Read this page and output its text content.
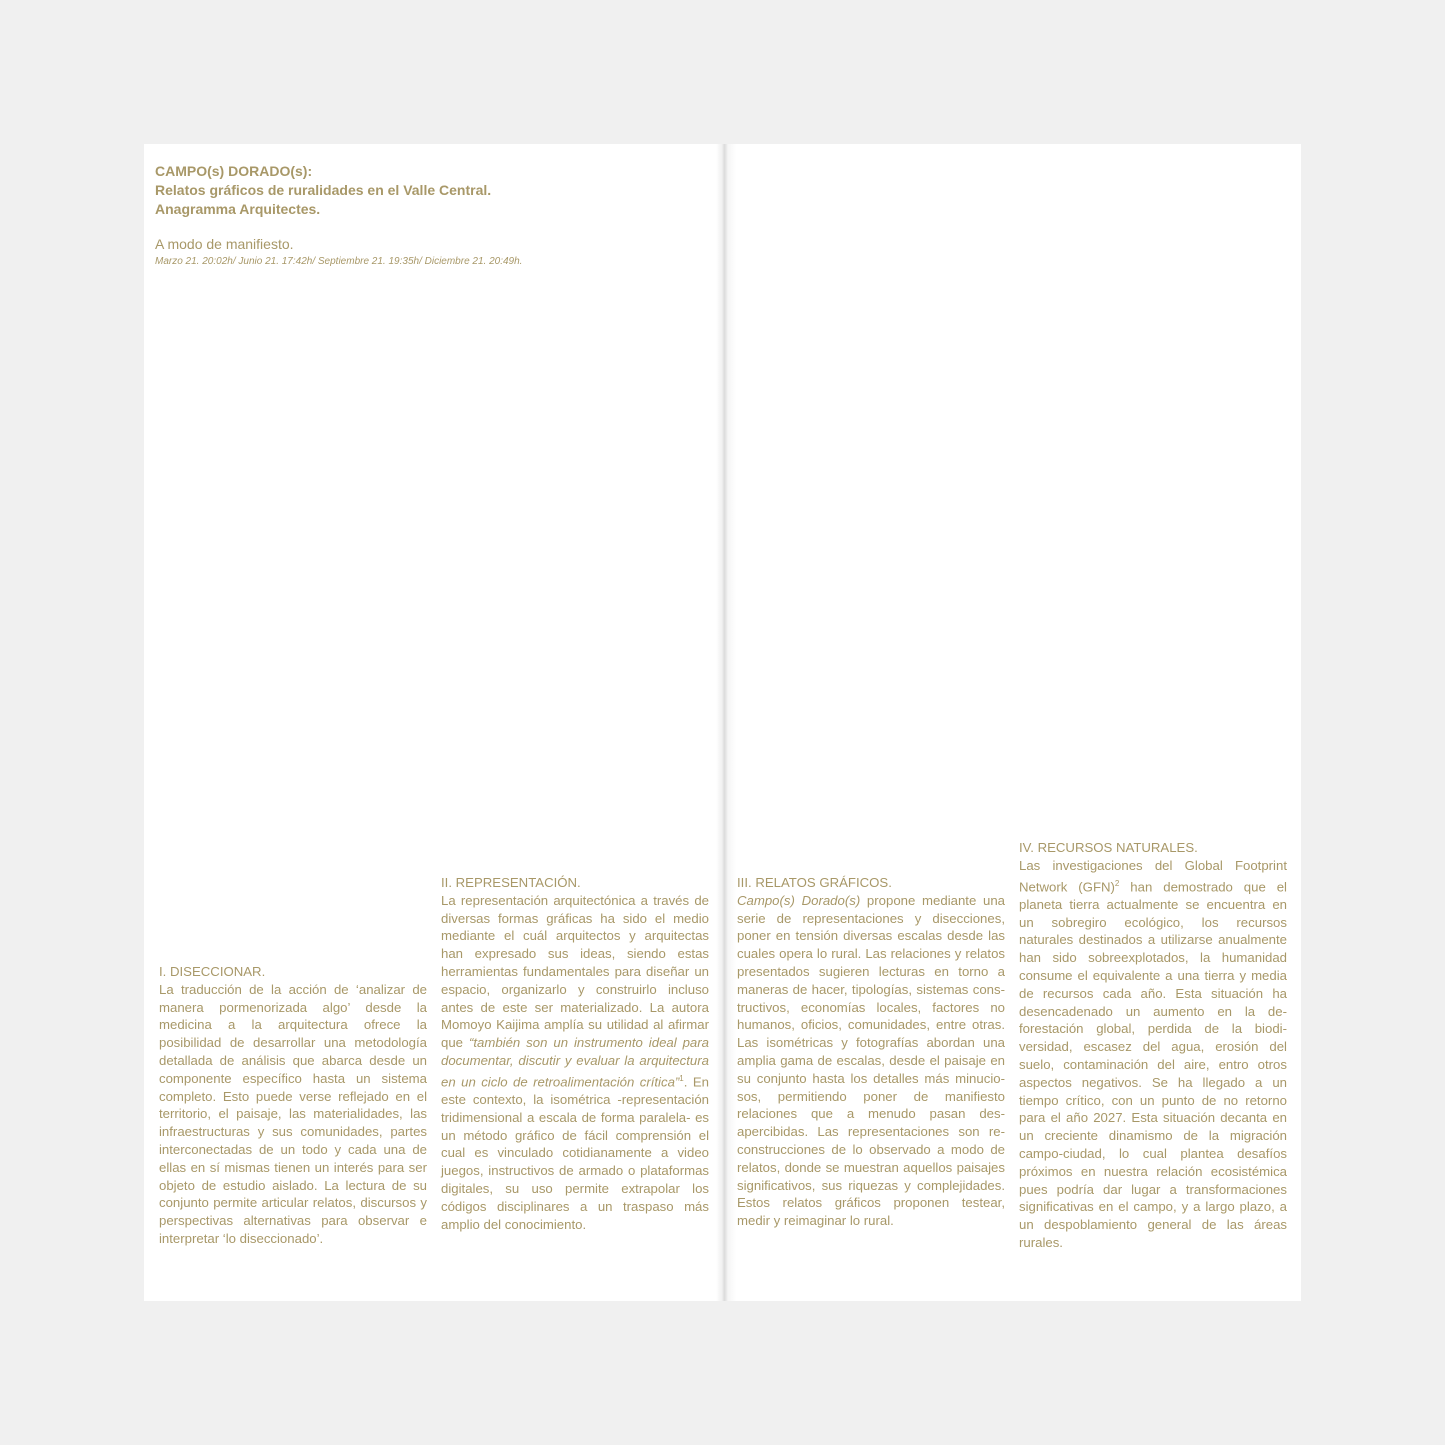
CAMPO(s) DORADO(s):
Relatos gráficos de ruralidades en el Valle Central.
Anagramma Arquitectes.
A modo de manifiesto.
Marzo 21. 20:02h/ Junio 21. 17:42h/ Septiembre 21. 19:35h/ Diciembre 21. 20:49h.
I. DISECCIONAR.

La traducción de la acción de ‘analizar de manera pormenorizada algo’ desde la medicina a la arquitectura ofrece la posibilidad de desarrollar una metodología detallada de análisis que abarca desde un componente específico hasta un sistema completo. Esto puede verse reflejado en el territorio, el paisaje, las materialidades, las infraestructuras y sus comunidades, partes interconectadas de un todo y cada una de ellas en sí mismas tienen un interés para ser objeto de estudio aislado. La lectura de su conjunto permite articular relatos, discursos y perspectivas alternativas para observar e interpretar ‘lo diseccionado’.

II. REPRESENTACIÓN.

La representación arquitectónica a través de diversas formas gráficas ha sido el medio mediante el cuál arquitectos y arquitectas han expresado sus ideas, siendo estas herramientas fundamentales para diseñar un espacio, organizarlo y construirlo incluso antes de este ser materializado. La autora Momoyo Kaijima amplía su utilidad al afirmar que “también son un instrumento ideal para documentar, discutir y evaluar la arquitectura en un ciclo de retroalimentación crítica”$^1$. En este contexto, la isométrica -representación tridimensional a escala de forma paralela- es un método gráfico de fácil comprensión el cual es vinculado cotidianamente a video juegos, instructivos de armado o plataformas digitales, su uso permite extrapolar los códigos disciplinares a un traspaso más amplio del conocimiento.

III. RELATOS GRÁFICOS.

Campo(s) Dorado(s) propone mediante una serie de representaciones y disecciones, poner en tensión diversas escalas desde las cuales opera lo rural. Las relaciones y relatos presentados sugieren lecturas en torno a maneras de hacer, tipologías, sistemas constructivos, economías locales, factores no humanos, oficios, comunidades, entre otras. Las isométricas y fotografías abordan una amplia gama de escalas, desde el paisaje en su conjunto hasta los detalles más minuciosos, permitiendo poner de manifiesto relaciones que a menudo pasan desapercibidas. Las representaciones son re-construcciones de lo observado a modo de relatos, donde se muestran aquellos paisajes significativos, sus riquezas y complejidades. Estos relatos gráficos proponen testear, medir y reimaginar lo rural.

IV. RECURSOS NATURALES.

Las investigaciones del Global Footprint Network (GFN)$^2$ han demostrado que el planeta tierra actualmente se encuentra en un sobregiro ecológico, los recursos naturales destinados a utilizarse anualmente han sido sobreexplotados, la humanidad consume el equivalente a una tierra y media de recursos cada año. Esta situación ha desencadenado un aumento en la deforestación global, perdida de la biodiversidad, escasez del agua, erosión del suelo, contaminación del aire, entro otros aspectos negativos. Se ha llegado a un tiempo crítico, con un punto de no retorno para el año 2027. Esta situación decanta en un creciente dinamismo de la migración campo-ciudad, lo cual plantea desafíos próximos en nuestra relación ecosistémica pues podría dar lugar a transformaciones significativas en el campo, y a largo plazo, a un despoblamiento general de las áreas rurales.
